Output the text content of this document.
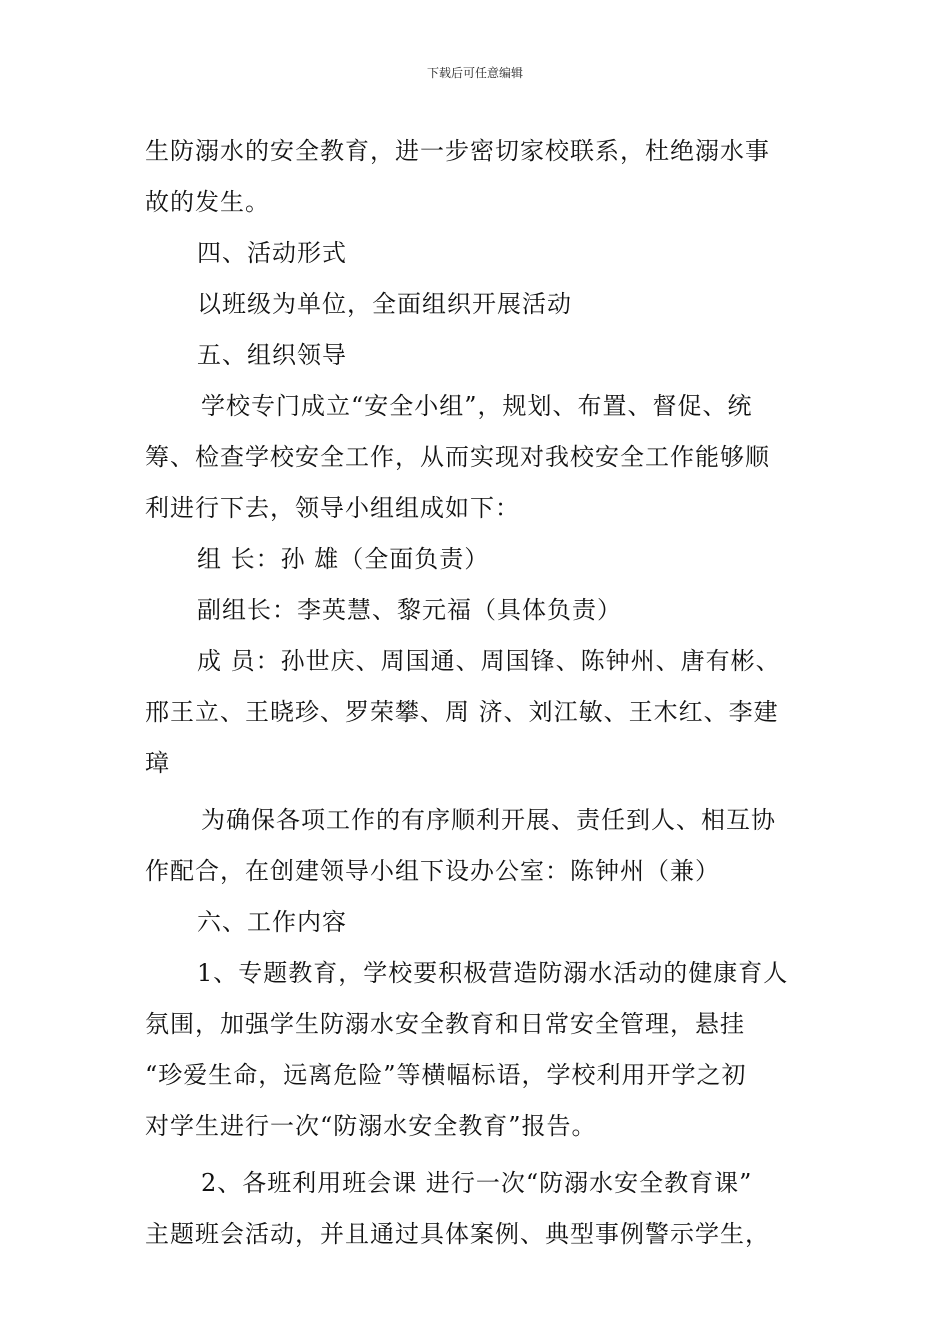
下载后可任意编辑
生防溺水的安全教育，进一步密切家校联系，杜绝溺水事
故的发生。
四、活动形式
以班级为单位，全面组织开展活动
五、组织领导
学校专门成立“安全小组”，规划、布置、督促、统
筹、检查学校安全工作，从而实现对我校安全工作能够顺
利进行下去，领导小组组成如下：
组 长：孙 雄（全面负责）
副组长：李英慧、黎元福（具体负责）
成 员：孙世庆、周国通、周国锋、陈钟州、唐有彬、
邢王立、王晓珍、罗荣攀、周 济、刘江敏、王木红、李建
璋
为确保各项工作的有序顺利开展、责任到人、相互协
作配合，在创建领导小组下设办公室：陈钟州（兼）
六、工作内容
1、专题教育，学校要积极营造防溺水活动的健康育人
氛围，加强学生防溺水安全教育和日常安全管理，悬挂
“珍爱生命，远离危险”等横幅标语，学校利用开学之初
对学生进行一次“防溺水安全教育”报告。
2、各班利用班会课 进行一次“防溺水安全教育课”
主题班会活动，并且通过具体案例、典型事例警示学生，
